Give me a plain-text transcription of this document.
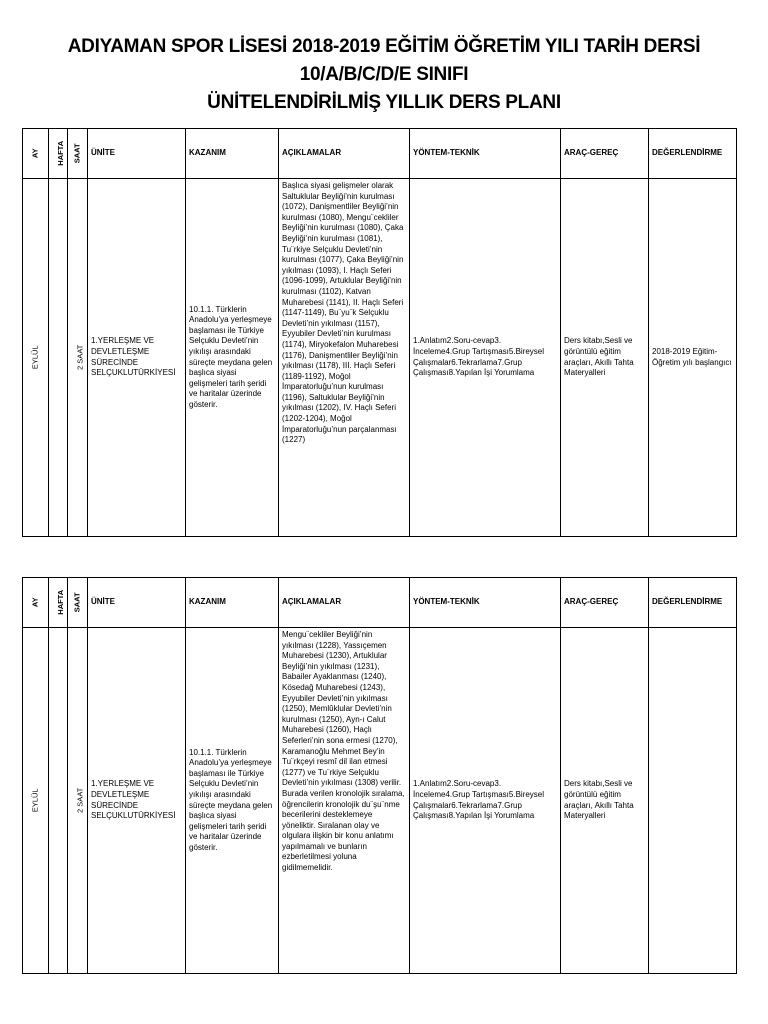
ADIYAMAN SPOR LİSESİ 2018-2019 EĞİTİM ÖĞRETİM YILI TARİH DERSİ
10/A/B/C/D/E SINIFI
ÜNİTELENDİRİLMİŞ YILLIK DERS PLANI
AY	HAFTA	SAAT	ÜNİTE	KAZANIM	AÇIKLAMALAR	YÖNTEM-TEKNİK	ARAÇ-GEREÇ	DEĞERLENDİRME
EYLÜL		2 SAAT	1.YERLEŞME VE DEVLETLEŞME SÜRECİNDE SELÇUKLUTÜRKİYESİ	10.1.1. Türklerin Anadolu’ya yerleşmeye başlaması ile Türkiye Selçuklu Devleti’nin yıkılışı arasındaki süreçte meydana gelen başlıca siyasi gelişmeleri tarih şeridi ve haritalar üzerinde gösterir.	Başlıca siyasi gelişmeler olarak Saltuklular Beyliği’nin kurulması (1072), Danişmentliler Beyliği’nin kurulması (1080), Mengu¨cekliler Beyliği’nin kurulması (1080), Çaka Beyliği’nin kurulması (1081), Tu¨rkiye Selçuklu Devleti’nin kurulması (1077), Çaka Beyliği’nin yıkılması (1093), I. Haçlı Seferi (1096-1099), Artuklular Beyliği’nin kurulması (1102), Katvan Muharebesi (1141), II. Haçlı Seferi (1147-1149), Bu¨yu¨k Selçuklu Devleti’nin yıkılması (1157), Eyyubiler Devleti’nin kurulması (1174), Miryokefalon Muharebesi (1176), Danişmentliler Beyliği’nin yıkılması (1178), III. Haçlı Seferi (1189-1192), Moğol İmparatorluğu’nun kurulması (1196), Saltuklular Beyliği’nin yıkılması (1202), IV. Haçlı Seferi (1202-1204), Moğol İmparatorluğu’nun parçalanması (1227)	1.Anlatım2.Soru-cevap3. İnceleme4.Grup Tartışması5.Bireysel Çalışmalar6.Tekrarlama7.Grup Çalışması8.Yapılan İşi Yorumlama	Ders kitabı,Sesli ve görüntülü eğitim araçları, Akıllı Tahta Materyalleri	2018-2019 Eğitim-Öğretim yılı başlangıcı
AY	HAFTA	SAAT	ÜNİTE	KAZANIM	AÇIKLAMALAR	YÖNTEM-TEKNİK	ARAÇ-GEREÇ	DEĞERLENDİRME
EYLÜL		2 SAAT	1.YERLEŞME VE DEVLETLEŞME SÜRECİNDE SELÇUKLUTÜRKİYESİ	10.1.1. Türklerin Anadolu’ya yerleşmeye başlaması ile Türkiye Selçuklu Devleti’nin yıkılışı arasındaki süreçte meydana gelen başlıca siyasi gelişmeleri tarih şeridi ve haritalar üzerinde gösterir.	Mengu¨cekliler Beyliği’nin yıkılması (1228), Yassıçemen Muharebesi (1230), Artuklular Beyliği’nin yıkılması (1231), Babailer Ayaklanması (1240), Kösedağ Muharebesi (1243), Eyyubiler Devleti’nin yıkılması (1250), Memlûklular Devleti’nin kurulması (1250), Ayn-ı Calut Muharebesi (1260), Haçlı Seferleri’nin sona ermesi (1270), Karamanoğlu Mehmet Bey’in Tu¨rkçeyi resmî dil ilan etmesi (1277) ve Tu¨rkiye Selçuklu Devleti’nin yıkılması (1308) verilir. Burada verilen kronolojik sıralama, öğrencilerin kronolojik du¨şu¨nme becerilerini desteklemeye yöneliktir. Sıralanan olay ve olgulara ilişkin bir konu anlatımı yapılmamalı ve bunların ezberletilmesi yoluna gidilmemelidir.	1.Anlatım2.Soru-cevap3. İnceleme4.Grup Tartışması5.Bireysel Çalışmalar6.Tekrarlama7.Grup Çalışması8.Yapılan İşi Yorumlama	Ders kitabı,Sesli ve görüntülü eğitim araçları, Akıllı Tahta Materyalleri	
